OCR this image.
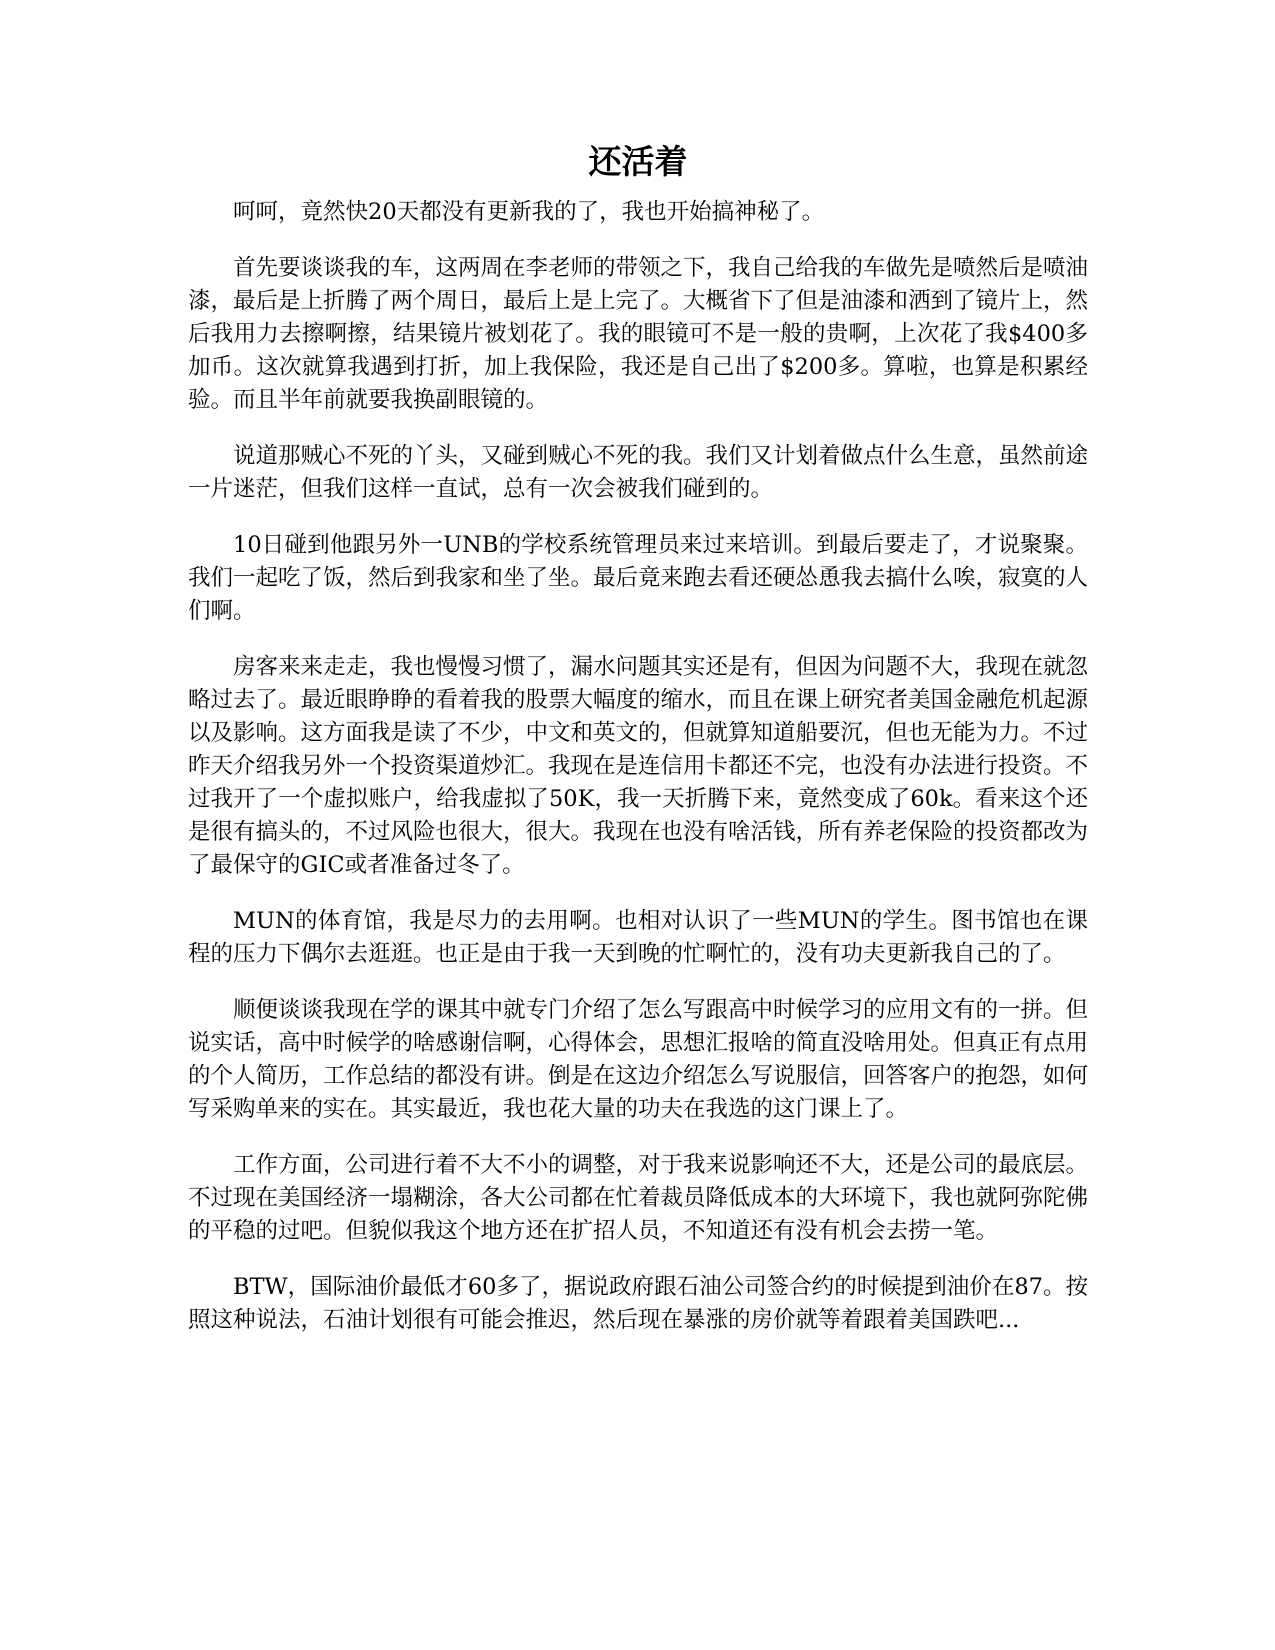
还活着

呵呵，竟然快20天都没有更新我的了，我也开始搞神秘了。

首先要谈谈我的车，这两周在李老师的带领之下，我自己给我的车做先是喷然后是喷油漆，最后是上折腾了两个周日，最后上是上完了。大概省下了但是油漆和洒到了镜片上，然后我用力去擦啊擦，结果镜片被划花了。我的眼镜可不是一般的贵啊，上次花了我$400多加币。这次就算我遇到打折，加上我保险，我还是自己出了$200多。算啦，也算是积累经验。而且半年前就要我换副眼镜的。

说道那贼心不死的丫头，又碰到贼心不死的我。我们又计划着做点什么生意，虽然前途一片迷茫，但我们这样一直试，总有一次会被我们碰到的。

10日碰到他跟另外一UNB的学校系统管理员来过来培训。到最后要走了，才说聚聚。我们一起吃了饭，然后到我家和坐了坐。最后竟来跑去看还硬怂恿我去搞什么唉，寂寞的人们啊。

房客来来走走，我也慢慢习惯了，漏水问题其实还是有，但因为问题不大，我现在就忽略过去了。最近眼睁睁的看着我的股票大幅度的缩水，而且在课上研究者美国金融危机起源以及影响。这方面我是读了不少，中文和英文的，但就算知道船要沉，但也无能为力。不过昨天介绍我另外一个投资渠道炒汇。我现在是连信用卡都还不完，也没有办法进行投资。不过我开了一个虚拟账户，给我虚拟了50K，我一天折腾下来，竟然变成了60k。看来这个还是很有搞头的，不过风险也很大，很大。我现在也没有啥活钱，所有养老保险的投资都改为了最保守的GIC或者准备过冬了。

MUN的体育馆，我是尽力的去用啊。也相对认识了一些MUN的学生。图书馆也在课程的压力下偶尔去逛逛。也正是由于我一天到晚的忙啊忙的，没有功夫更新我自己的了。

顺便谈谈我现在学的课其中就专门介绍了怎么写跟高中时候学习的应用文有的一拼。但说实话，高中时候学的啥感谢信啊，心得体会，思想汇报啥的简直没啥用处。但真正有点用的个人简历，工作总结的都没有讲。倒是在这边介绍怎么写说服信，回答客户的抱怨，如何写采购单来的实在。其实最近，我也花大量的功夫在我选的这门课上了。

工作方面，公司进行着不大不小的调整，对于我来说影响还不大，还是公司的最底层。不过现在美国经济一塌糊涂，各大公司都在忙着裁员降低成本的大环境下，我也就阿弥陀佛的平稳的过吧。但貌似我这个地方还在扩招人员，不知道还有没有机会去捞一笔。

BTW，国际油价最低才60多了，据说政府跟石油公司签合约的时候提到油价在87。按照这种说法，石油计划很有可能会推迟，然后现在暴涨的房价就等着跟着美国跌吧...
